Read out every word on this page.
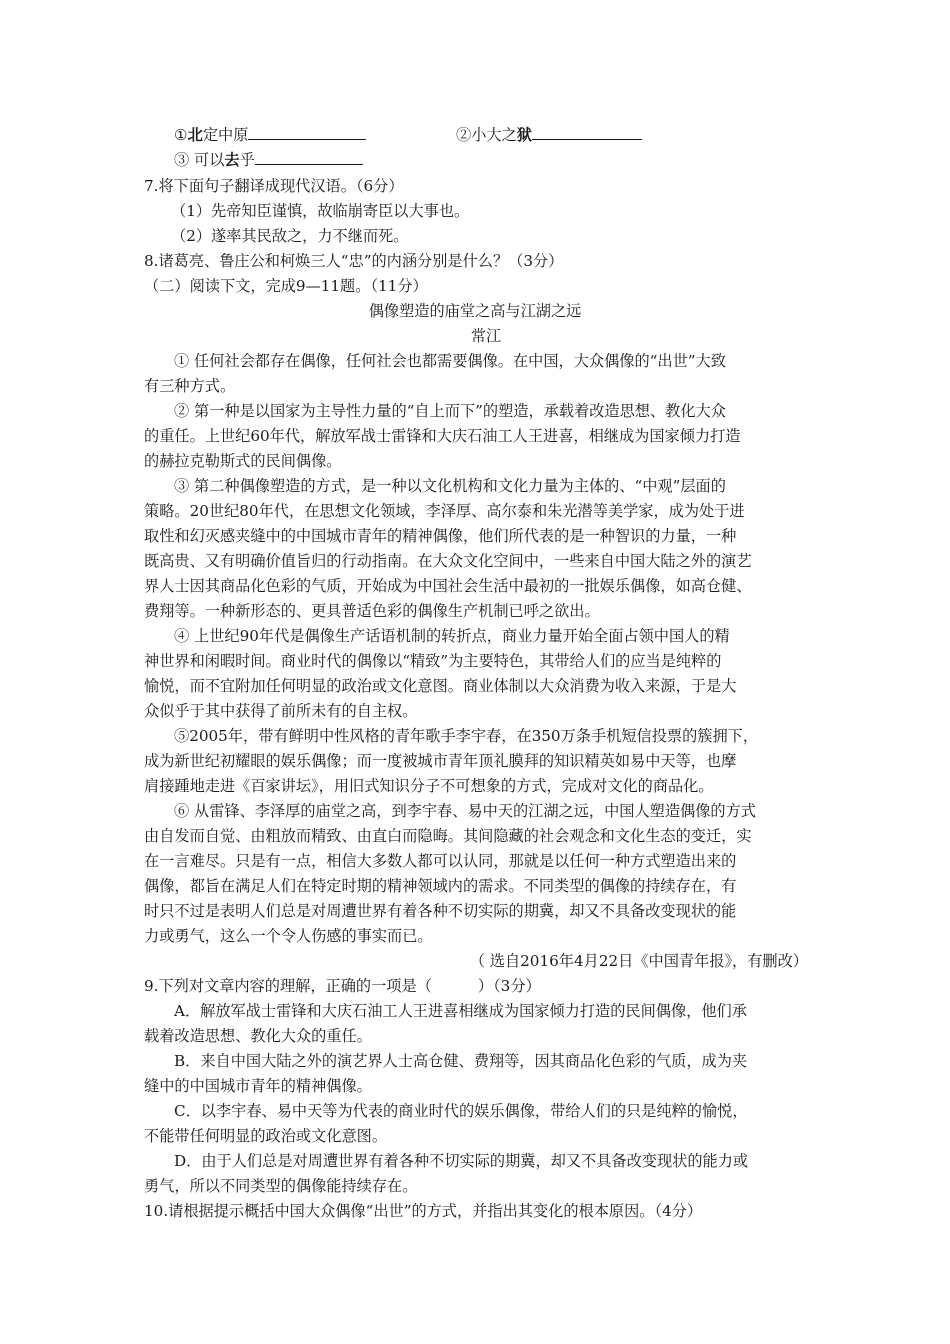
①北定中原	②小大之狱
③ 可以去乎
7.将下面句子翻译成现代汉语。（6分）
（1）先帝知臣谨慎，故临崩寄臣以大事也。
（2）遂率其民敌之，力不继而死。
8.诸葛亮、鲁庄公和柯焕三人“忠”的内涵分别是什么？（3分）
（二）阅读下文，完成9—11题。（11分）
偶像塑造的庙堂之高与江湖之远
常江
① 任何社会都存在偶像，任何社会也都需要偶像。在中国，大众偶像的“出世”大致
有三种方式。
② 第一种是以国家为主导性力量的“自上而下”的塑造，承载着改造思想、教化大众
的重任。上世纪60年代，解放军战士雷锋和大庆石油工人王进喜，相继成为国家倾力打造
的赫拉克勒斯式的民间偶像。
③ 第二种偶像塑造的方式，是一种以文化机构和文化力量为主体的、“中观”层面的
策略。20世纪80年代，在思想文化领域，李泽厚、高尔泰和朱光潜等美学家，成为处于进
取性和幻灭感夹缝中的中国城市青年的精神偶像，他们所代表的是一种智识的力量，一种
既高贵、又有明确价值旨归的行动指南。在大众文化空间中，一些来自中国大陆之外的演艺
界人士因其商品化色彩的气质，开始成为中国社会生活中最初的一批娱乐偶像，如高仓健、
费翔等。一种新形态的、更具普适色彩的偶像生产机制已呼之欲出。
④ 上世纪90年代是偶像生产话语机制的转折点，商业力量开始全面占领中国人的精
神世界和闲暇时间。商业时代的偶像以“精致”为主要特色，其带给人们的应当是纯粹的
愉悦，而不宜附加任何明显的政治或文化意图。商业体制以大众消费为收入来源，于是大
众似乎于其中获得了前所未有的自主权。
⑤2005年，带有鲜明中性风格的青年歌手李宇春，在350万条手机短信投票的簇拥下，
成为新世纪初耀眼的娱乐偶像；而一度被城市青年顶礼膜拜的知识精英如易中天等，也摩
肩接踵地走进《百家讲坛》，用旧式知识分子不可想象的方式，完成对文化的商品化。
⑥ 从雷锋、李泽厚的庙堂之高，到李宇春、易中天的江湖之远，中国人塑造偶像的方式
由自发而自觉、由粗放而精致、由直白而隐晦。其间隐藏的社会观念和文化生态的变迁，实
在一言难尽。只是有一点，相信大多数人都可以认同，那就是以任何一种方式塑造出来的
偶像，都旨在满足人们在特定时期的精神领域内的需求。不同类型的偶像的持续存在，有
时只不过是表明人们总是对周遭世界有着各种不切实际的期冀，却又不具备改变现状的能
力或勇气，这么一个令人伤感的事实而已。
（ 选自2016年4月22日《中国青年报》，有删改）
9.下列对文章内容的理解，正确的一项是（	）（3分）
A．解放军战士雷锋和大庆石油工人王进喜相继成为国家倾力打造的民间偶像，他们承
载着改造思想、教化大众的重任。
B．来自中国大陆之外的演艺界人士高仓健、费翔等，因其商品化色彩的气质，成为夹
缝中的中国城市青年的精神偶像。
C．以李宇春、易中天等为代表的商业时代的娱乐偶像，带给人们的只是纯粹的愉悦，
不能带任何明显的政治或文化意图。
D．由于人们总是对周遭世界有着各种不切实际的期冀，却又不具备改变现状的能力或
勇气，所以不同类型的偶像能持续存在。
10.请根据提示概括中国大众偶像“出世”的方式，并指出其变化的根本原因。（4分）
